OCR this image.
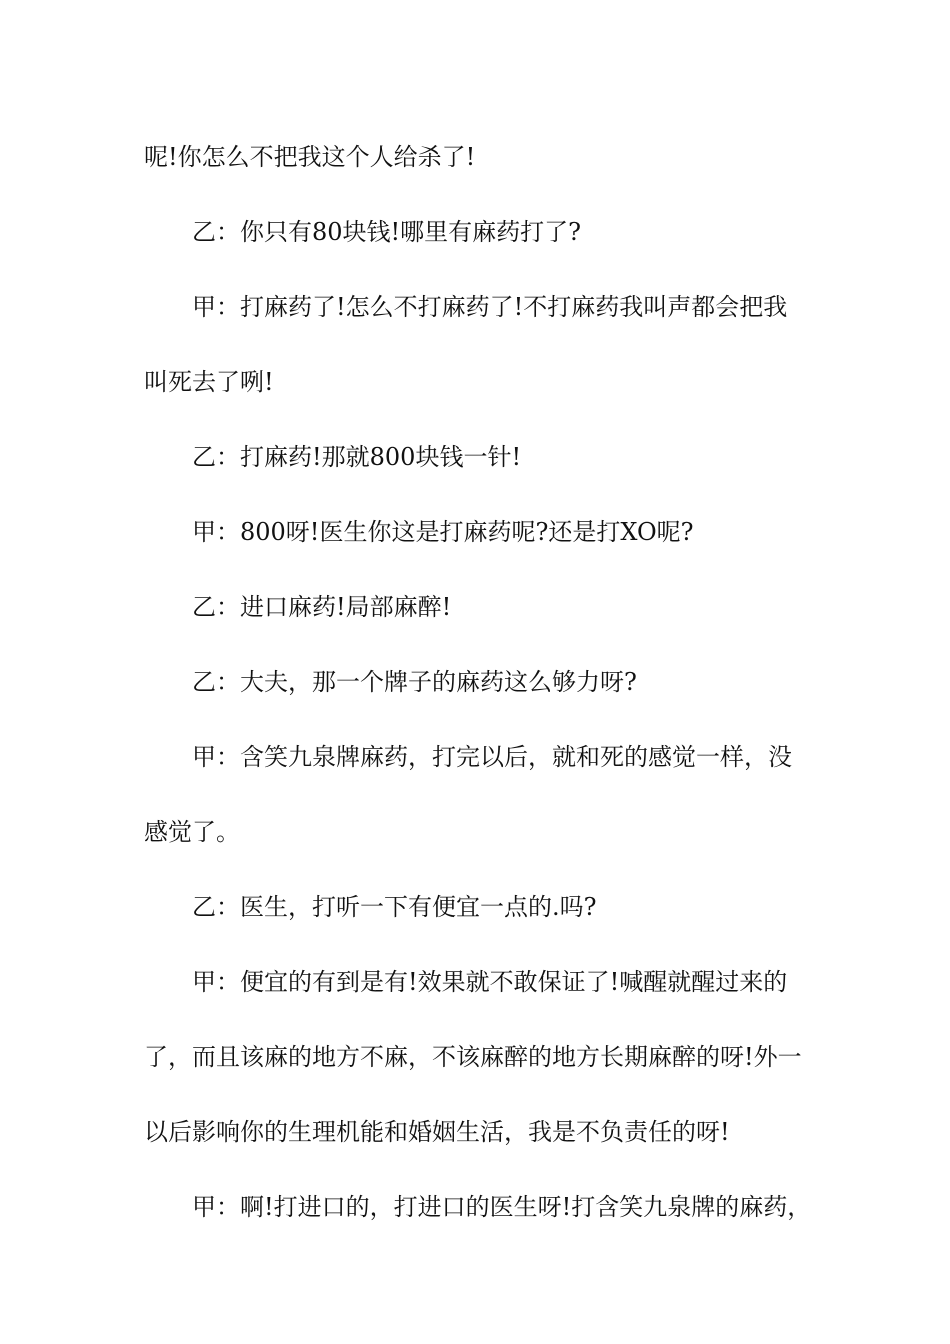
呢!你怎么不把我这个人给杀了!
乙：你只有80块钱!哪里有麻药打了?
甲：打麻药了!怎么不打麻药了!不打麻药我叫声都会把我
叫死去了咧!
乙：打麻药!那就800块钱一针!
甲：800呀!医生你这是打麻药呢?还是打XO呢?
乙：进口麻药!局部麻醉!
乙：大夫，那一个牌子的麻药这么够力呀?
甲：含笑九泉牌麻药，打完以后，就和死的感觉一样，没
感觉了。
乙：医生，打听一下有便宜一点的.吗?
甲：便宜的有到是有!效果就不敢保证了!喊醒就醒过来的
了，而且该麻的地方不麻，不该麻醉的地方长期麻醉的呀!外一
以后影响你的生理机能和婚姻生活，我是不负责任的呀!
甲：啊!打进口的，打进口的医生呀!打含笑九泉牌的麻药，
